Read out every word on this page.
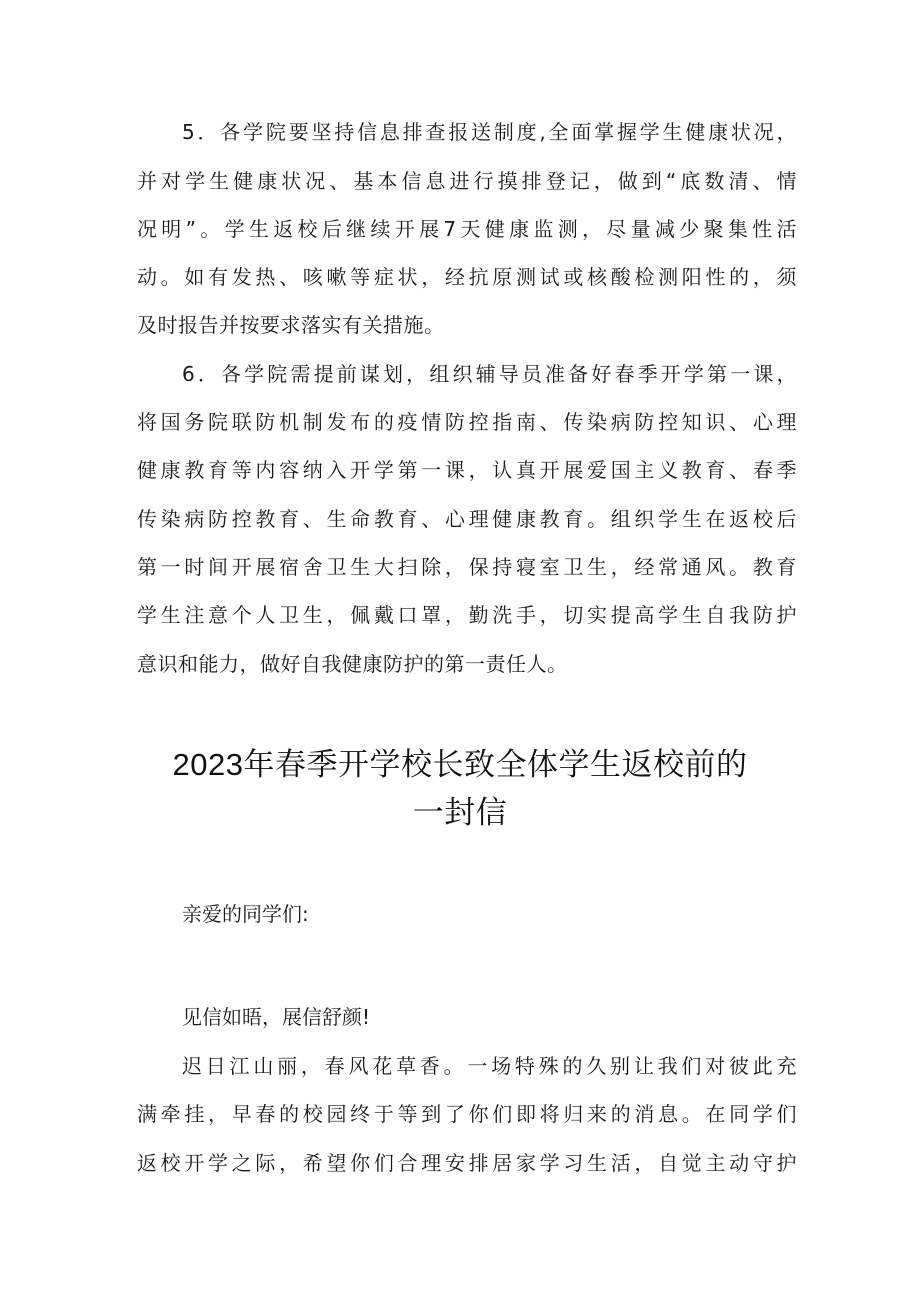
5．各学院要坚持信息排查报送制度,全面掌握学生健康状况，
并对学生健康状况、基本信息进行摸排登记，做到“底数清、情
况明”。学生返校后继续开展7天健康监测，尽量减少聚集性活
动。如有发热、咳嗽等症状，经抗原测试或核酸检测阳性的，须
及时报告并按要求落实有关措施。
6．各学院需提前谋划，组织辅导员准备好春季开学第一课，
将国务院联防机制发布的疫情防控指南、传染病防控知识、心理
健康教育等内容纳入开学第一课，认真开展爱国主义教育、春季
传染病防控教育、生命教育、心理健康教育。组织学生在返校后
第一时间开展宿舍卫生大扫除，保持寝室卫生，经常通风。教育
学生注意个人卫生，佩戴口罩，勤洗手，切实提高学生自我防护
意识和能力，做好自我健康防护的第一责任人。
2023年春季开学校长致全体学生返校前的
一封信
亲爱的同学们:
见信如晤，展信舒颜!
迟日江山丽，春风花草香。一场特殊的久别让我们对彼此充
满牵挂，早春的校园终于等到了你们即将归来的消息。在同学们
返校开学之际，希望你们合理安排居家学习生活，自觉主动守护
